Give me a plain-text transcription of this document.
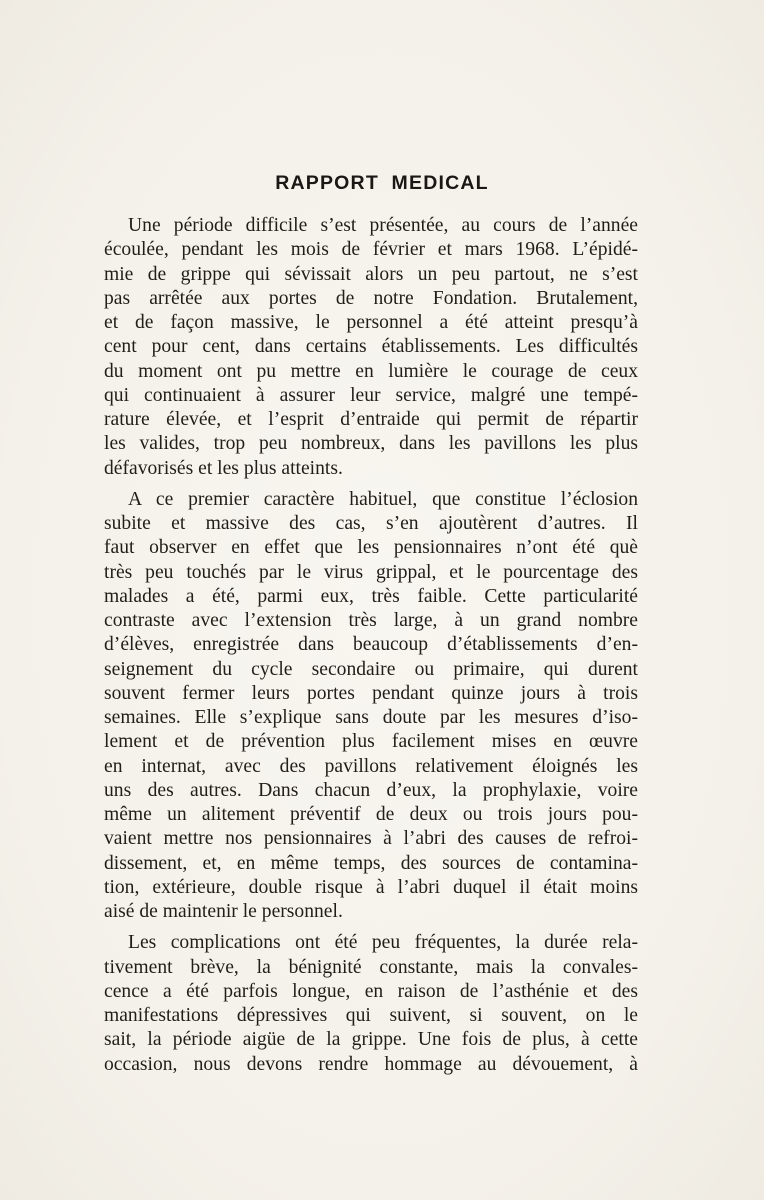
RAPPORT MEDICAL
Une période difficile s’est présentée, au cours de l’année
écoulée, pendant les mois de février et mars 1968. L’épidé-
mie de grippe qui sévissait alors un peu partout, ne s’est
pas arrêtée aux portes de notre Fondation. Brutalement,
et de façon massive, le personnel a été atteint presqu’à
cent pour cent, dans certains établissements. Les difficultés
du moment ont pu mettre en lumière le courage de ceux
qui continuaient à assurer leur service, malgré une tempé-
rature élevée, et l’esprit d’entraide qui permit de répartir
les valides, trop peu nombreux, dans les pavillons les plus
défavorisés et les plus atteints.
A ce premier caractère habituel, que constitue l’éclosion
subite et massive des cas, s’en ajoutèrent d’autres. Il
faut observer en effet que les pensionnaires n’ont été què
très peu touchés par le virus grippal, et le pourcentage des
malades a été, parmi eux, très faible. Cette particularité
contraste avec l’extension très large, à un grand nombre
d’élèves, enregistrée dans beaucoup d’établissements d’en-
seignement du cycle secondaire ou primaire, qui durent
souvent fermer leurs portes pendant quinze jours à trois
semaines. Elle s’explique sans doute par les mesures d’iso-
lement et de prévention plus facilement mises en œuvre
en internat, avec des pavillons relativement éloignés les
uns des autres. Dans chacun d’eux, la prophylaxie, voire
même un alitement préventif de deux ou trois jours pou-
vaient mettre nos pensionnaires à l’abri des causes de refroi-
dissement, et, en même temps, des sources de contamina-
tion, extérieure, double risque à l’abri duquel il était moins
aisé de maintenir le personnel.
Les complications ont été peu fréquentes, la durée rela-
tivement brève, la bénignité constante, mais la convales-
cence a été parfois longue, en raison de l’asthénie et des
manifestations dépressives qui suivent, si souvent, on le
sait, la période aigüe de la grippe. Une fois de plus, à cette
occasion, nous devons rendre hommage au dévouement, à
